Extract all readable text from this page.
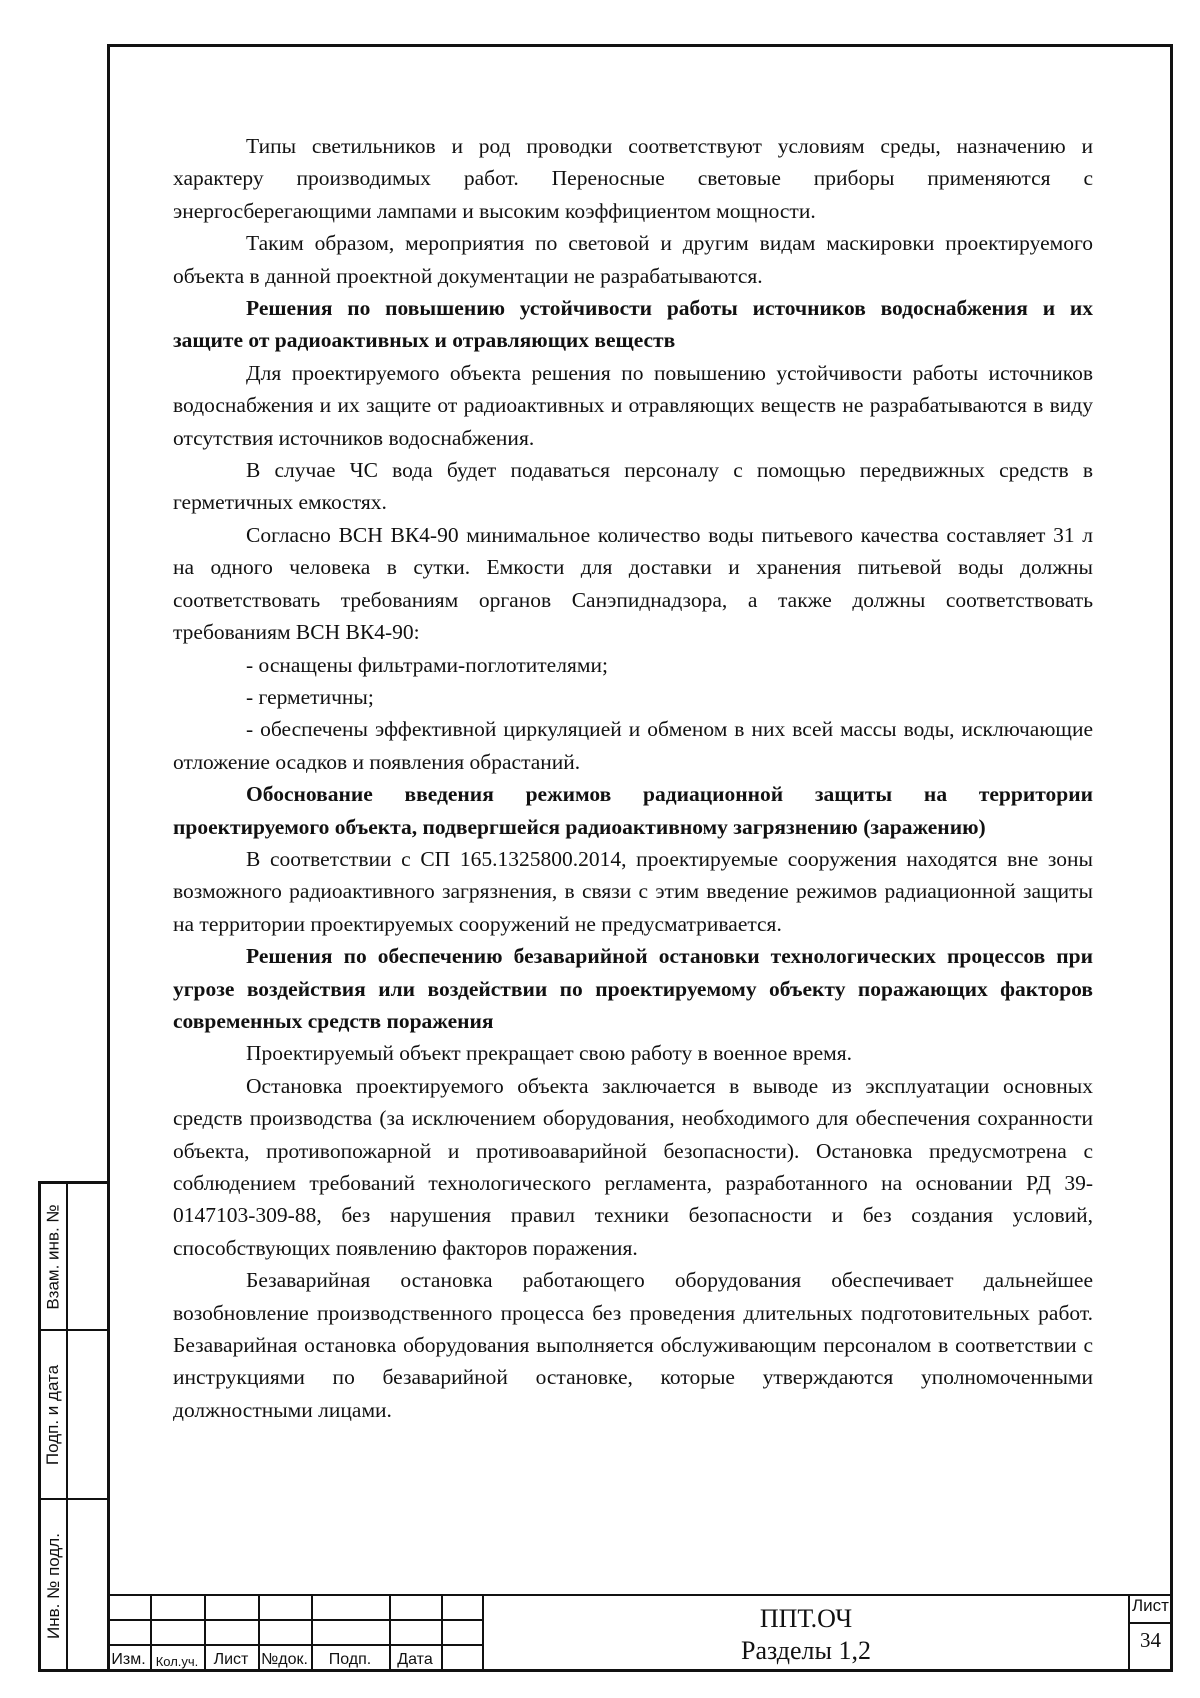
Типы светильников и род проводки соответствуют условиям среды, назначению и характеру производимых работ. Переносные световые приборы применяются с энергосберегающими лампами и высоким коэффициентом мощности.

Таким образом, мероприятия по световой и другим видам маскировки проектируемого объекта в данной проектной документации не разрабатываются.

Решения по повышению устойчивости работы источников водоснабжения и их защите от радиоактивных и отравляющих веществ

Для проектируемого объекта решения по повышению устойчивости работы источников водоснабжения и их защите от радиоактивных и отравляющих веществ не разрабатываются в виду отсутствия источников водоснабжения.

В случае ЧС вода будет подаваться персоналу с помощью передвижных средств в герметичных емкостях.

Согласно ВСН ВК4-90 минимальное количество воды питьевого качества составляет 31 л на одного человека в сутки. Емкости для доставки и хранения питьевой воды должны соответствовать требованиям органов Санэпиднадзора, а также должны соответствовать требованиям ВСН ВК4-90:

- оснащены фильтрами-поглотителями;

- герметичны;

- обеспечены эффективной циркуляцией и обменом в них всей массы воды, исключающие отложение осадков и появления обрастаний.

Обоснование введения режимов радиационной защиты на территории проектируемого объекта, подвергшейся радиоактивному загрязнению (заражению)

В соответствии с СП 165.1325800.2014, проектируемые сооружения находятся вне зоны возможного радиоактивного загрязнения, в связи с этим введение режимов радиационной защиты на территории проектируемых сооружений не предусматривается.

Решения по обеспечению безаварийной остановки технологических процессов при угрозе воздействия или воздействии по проектируемому объекту поражающих факторов современных средств поражения

Проектируемый объект прекращает свою работу в военное время.

Остановка проектируемого объекта заключается в выводе из эксплуатации основных средств производства (за исключением оборудования, необходимого для обеспечения сохранности объекта, противопожарной и противоаварийной безопасности). Остановка предусмотрена с соблюдением требований технологического регламента, разработанного на основании РД 39-0147103-309-88, без нарушения правил техники безопасности и без создания условий, способствующих появлению факторов поражения.

Безаварийная остановка работающего оборудования обеспечивает дальнейшее возобновление производственного процесса без проведения длительных подготовительных работ. Безаварийная остановка оборудования выполняется обслуживающим персоналом в соответствии с инструкциями по безаварийной остановке, которые утверждаются уполномоченными должностными лицами.

Взам. инв. №
Подп. и дата
Инв. № подл.
Изм. Кол.уч. Лист №док.	Подп.	Дата
ППТ.ОЧ
Разделы 1,2
Лист
34
